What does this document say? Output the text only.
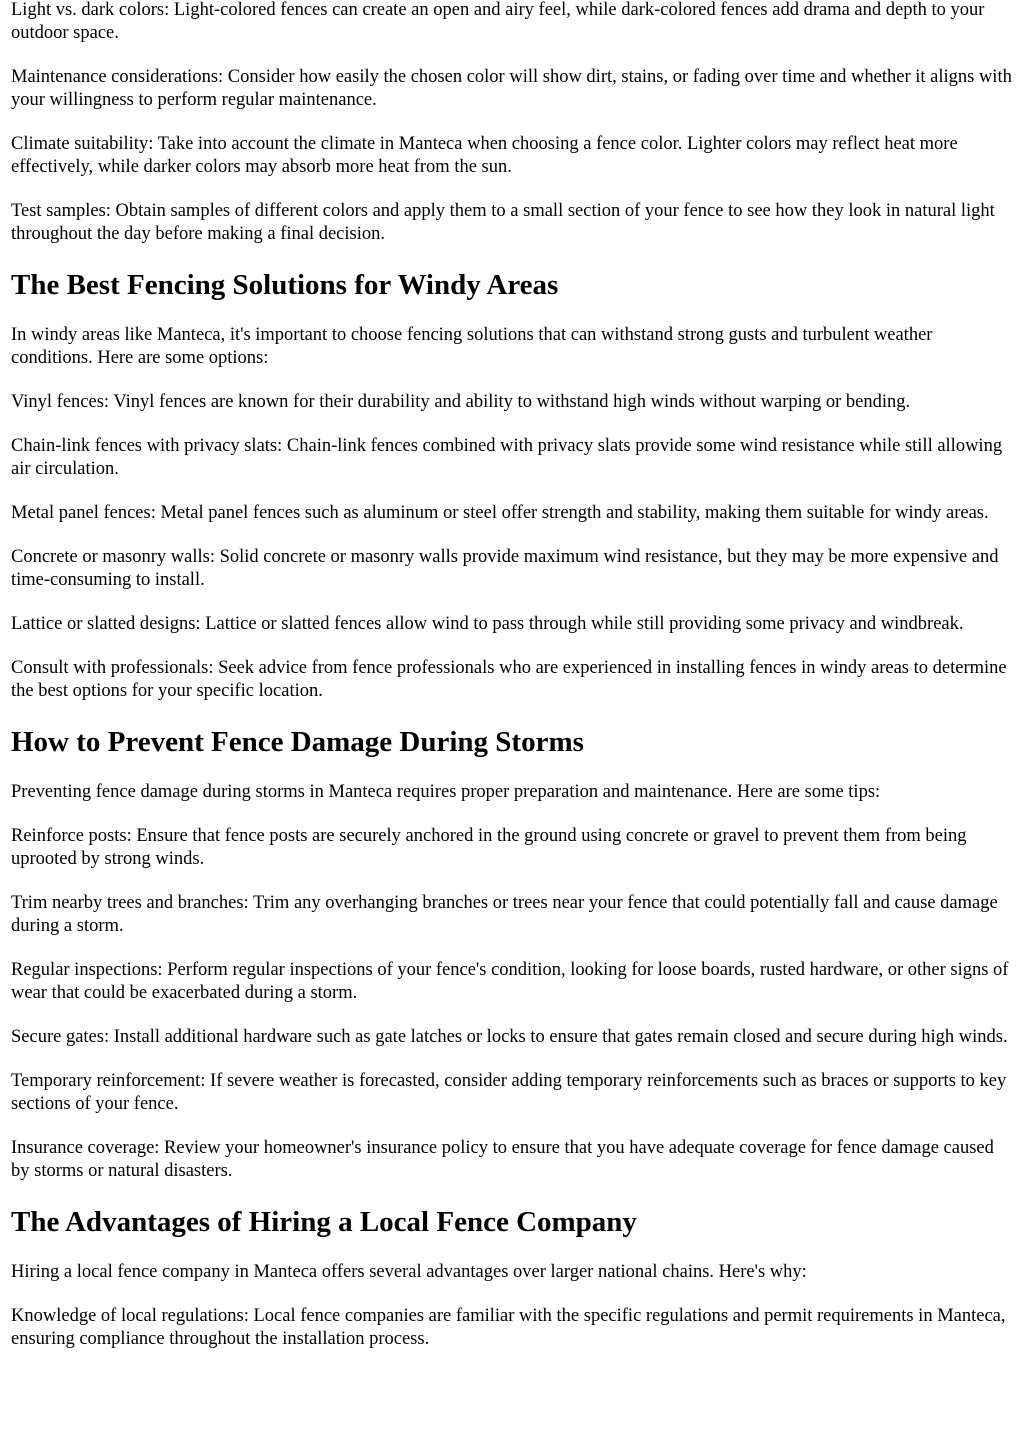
Light vs. dark colors: Light-colored fences can create an open and airy feel, while dark-colored fences add drama and depth to your outdoor space.

Maintenance considerations: Consider how easily the chosen color will show dirt, stains, or fading over time and whether it aligns with your willingness to perform regular maintenance.

Climate suitability: Take into account the climate in Manteca when choosing a fence color. Lighter colors may reflect heat more effectively, while darker colors may absorb more heat from the sun.

Test samples: Obtain samples of different colors and apply them to a small section of your fence to see how they look in natural light throughout the day before making a final decision.

The Best Fencing Solutions for Windy Areas

In windy areas like Manteca, it's important to choose fencing solutions that can withstand strong gusts and turbulent weather conditions. Here are some options:

Vinyl fences: Vinyl fences are known for their durability and ability to withstand high winds without warping or bending.

Chain-link fences with privacy slats: Chain-link fences combined with privacy slats provide some wind resistance while still allowing air circulation.

Metal panel fences: Metal panel fences such as aluminum or steel offer strength and stability, making them suitable for windy areas.

Concrete or masonry walls: Solid concrete or masonry walls provide maximum wind resistance, but they may be more expensive and time-consuming to install.

Lattice or slatted designs: Lattice or slatted fences allow wind to pass through while still providing some privacy and windbreak.

Consult with professionals: Seek advice from fence professionals who are experienced in installing fences in windy areas to determine the best options for your specific location.

How to Prevent Fence Damage During Storms

Preventing fence damage during storms in Manteca requires proper preparation and maintenance. Here are some tips:

Reinforce posts: Ensure that fence posts are securely anchored in the ground using concrete or gravel to prevent them from being uprooted by strong winds.

Trim nearby trees and branches: Trim any overhanging branches or trees near your fence that could potentially fall and cause damage during a storm.

Regular inspections: Perform regular inspections of your fence's condition, looking for loose boards, rusted hardware, or other signs of wear that could be exacerbated during a storm.

Secure gates: Install additional hardware such as gate latches or locks to ensure that gates remain closed and secure during high winds.

Temporary reinforcement: If severe weather is forecasted, consider adding temporary reinforcements such as braces or supports to key sections of your fence.

Insurance coverage: Review your homeowner's insurance policy to ensure that you have adequate coverage for fence damage caused by storms or natural disasters.

The Advantages of Hiring a Local Fence Company

Hiring a local fence company in Manteca offers several advantages over larger national chains. Here's why:

Knowledge of local regulations: Local fence companies are familiar with the specific regulations and permit requirements in Manteca, ensuring compliance throughout the installation process.
